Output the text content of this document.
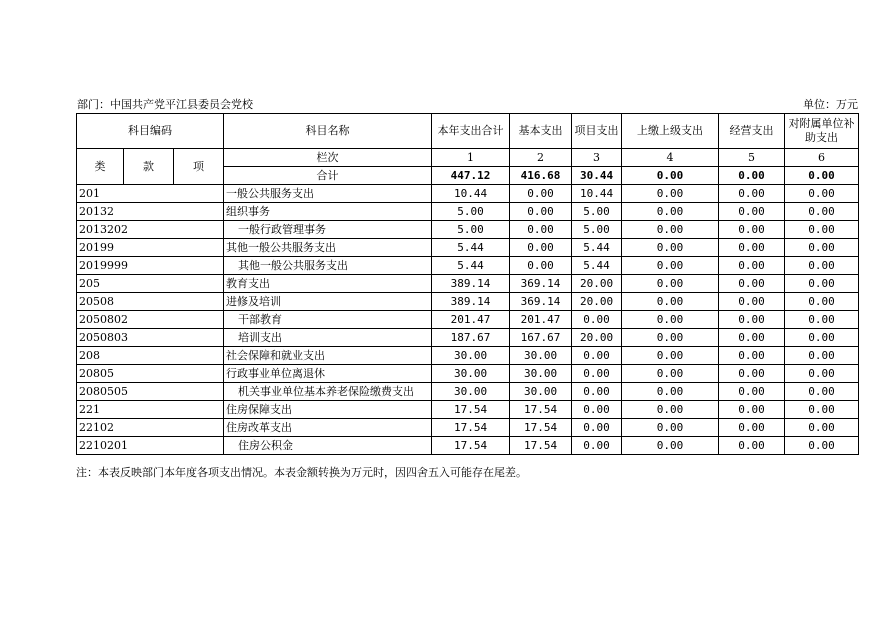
部门：中国共产党平江县委员会党校	单位：万元
科目编码			科目名称	本年支出合计	基本支出	项目支出	上缴上级支出	经营支出	对附属单位补助支出
类	款	项	栏次	1	2	3	4	5	6
			合计	447.12	416.68	30.44	0.00	0.00	0.00
201			一般公共服务支出	10.44	0.00	10.44	0.00	0.00	0.00
20132			组织事务	5.00	0.00	5.00	0.00	0.00	0.00
2013202			一般行政管理事务	5.00	0.00	5.00	0.00	0.00	0.00
20199			其他一般公共服务支出	5.44	0.00	5.44	0.00	0.00	0.00
2019999			其他一般公共服务支出	5.44	0.00	5.44	0.00	0.00	0.00
205			教育支出	389.14	369.14	20.00	0.00	0.00	0.00
20508			进修及培训	389.14	369.14	20.00	0.00	0.00	0.00
2050802			干部教育	201.47	201.47	0.00	0.00	0.00	0.00
2050803			培训支出	187.67	167.67	20.00	0.00	0.00	0.00
208			社会保障和就业支出	30.00	30.00	0.00	0.00	0.00	0.00
20805			行政事业单位离退休	30.00	30.00	0.00	0.00	0.00	0.00
2080505			机关事业单位基本养老保险缴费支出	30.00	30.00	0.00	0.00	0.00	0.00
221			住房保障支出	17.54	17.54	0.00	0.00	0.00	0.00
22102			住房改革支出	17.54	17.54	0.00	0.00	0.00	0.00
2210201			住房公积金	17.54	17.54	0.00	0.00	0.00	0.00
注：本表反映部门本年度各项支出情况。本表金额转换为万元时，因四舍五入可能存在尾差。
